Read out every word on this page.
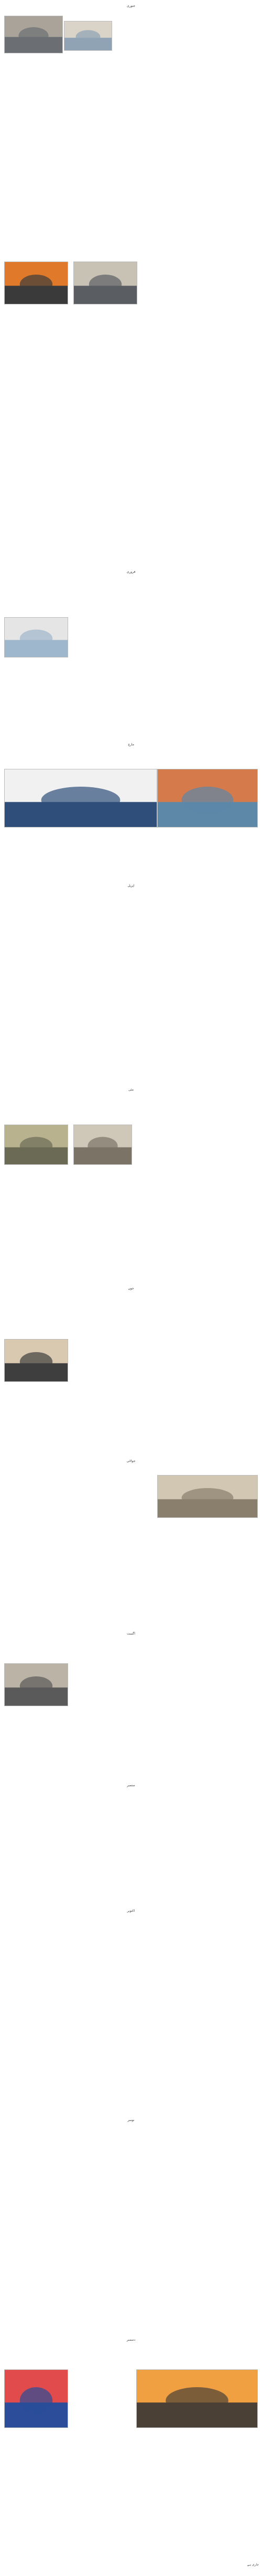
جنوری
فروری
مارچ
اپریل
مئی
جون
جولائی
اگست
ستمبر
اکتوبر
نومبر
دسمبر
جاری ہے
